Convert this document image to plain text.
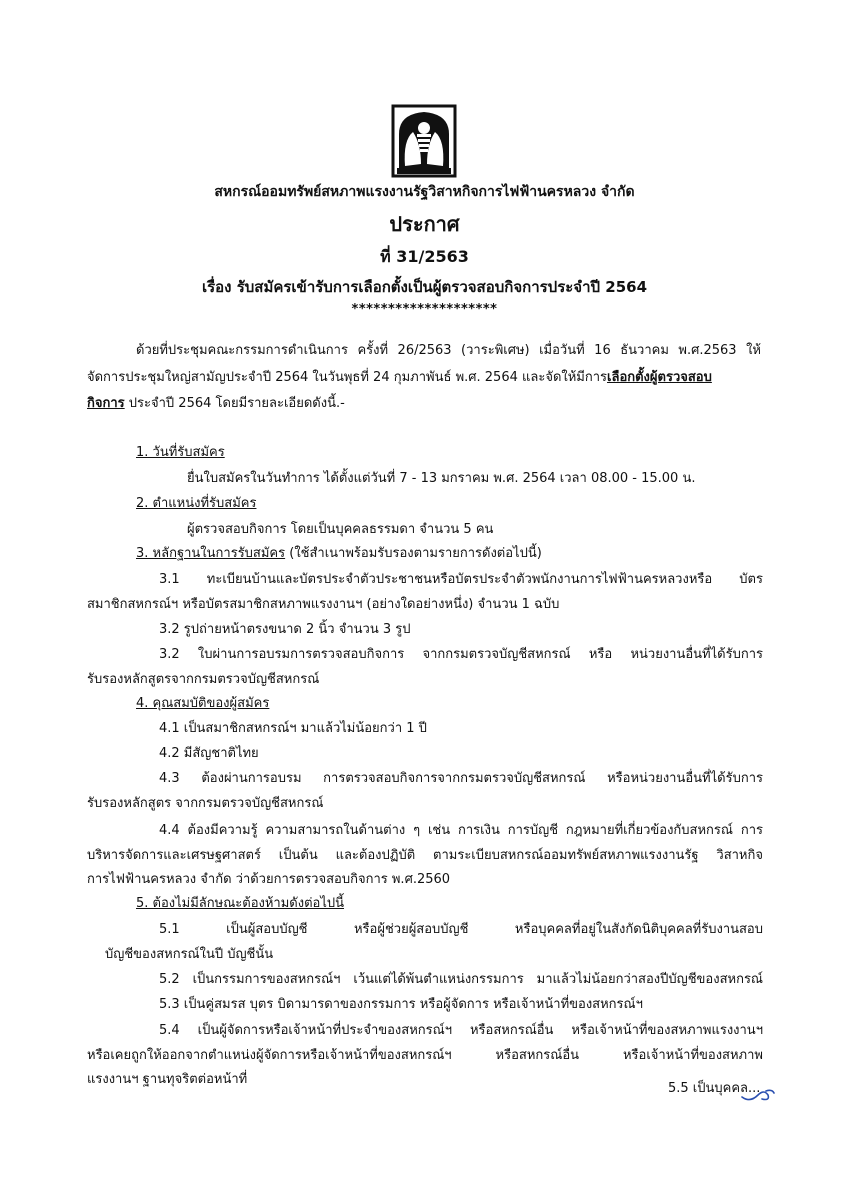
สหกรณ์ออมทรัพย์สหภาพแรงงานรัฐวิสาหกิจการไฟฟ้านครหลวง จำกัด
ประกาศ
ที่ 31/2563
เรื่อง รับสมัครเข้ารับการเลือกตั้งเป็นผู้ตรวจสอบกิจการประจำปี 2564
********************
ด้วยที่ประชุมคณะกรรมการดำเนินการ ครั้งที่ 26/2563 (วาระพิเศษ) เมื่อวันที่ 16 ธันวาคม พ.ศ.2563 ให้
จัดการประชุมใหญ่สามัญประจำปี 2564 ในวันพุธที่ 24 กุมภาพันธ์ พ.ศ. 2564 และจัดให้มีการเลือกตั้งผู้ตรวจสอบ
กิจการ ประจำปี 2564 โดยมีรายละเอียดดังนี้.-
1. วันที่รับสมัคร
ยื่นใบสมัครในวันทำการ ได้ตั้งแต่วันที่ 7 - 13 มกราคม พ.ศ. 2564 เวลา 08.00 - 15.00 น.
2. ตำแหน่งที่รับสมัคร
ผู้ตรวจสอบกิจการ โดยเป็นบุคคลธรรมดา จำนวน 5 คน
3. หลักฐานในการรับสมัคร (ใช้สำเนาพร้อมรับรองตามรายการดังต่อไปนี้)
3.1 ทะเบียนบ้านและบัตรประจำตัวประชาชนหรือบัตรประจำตัวพนักงานการไฟฟ้านครหลวงหรือ บัตร
สมาชิกสหกรณ์ฯ หรือบัตรสมาชิกสหภาพแรงงานฯ (อย่างใดอย่างหนึ่ง) จำนวน 1 ฉบับ
3.2 รูปถ่ายหน้าตรงขนาด 2 นิ้ว จำนวน 3 รูป
3.2 ใบผ่านการอบรมการตรวจสอบกิจการ จากกรมตรวจบัญชีสหกรณ์ หรือ หน่วยงานอื่นที่ได้รับการ
รับรองหลักสูตรจากกรมตรวจบัญชีสหกรณ์
4. คุณสมบัติของผู้สมัคร
4.1 เป็นสมาชิกสหกรณ์ฯ มาแล้วไม่น้อยกว่า 1 ปี
4.2 มีสัญชาติไทย
4.3 ต้องผ่านการอบรม การตรวจสอบกิจการจากกรมตรวจบัญชีสหกรณ์ หรือหน่วยงานอื่นที่ได้รับการ
รับรองหลักสูตร จากกรมตรวจบัญชีสหกรณ์
4.4 ต้องมีความรู้ ความสามารถในด้านต่าง ๆ เช่น การเงิน การบัญชี กฎหมายที่เกี่ยวข้องกับสหกรณ์ การ
บริหารจัดการและเศรษฐศาสตร์ เป็นต้น และต้องปฏิบัติ ตามระเบียบสหกรณ์ออมทรัพย์สหภาพแรงงานรัฐ วิสาหกิจ
การไฟฟ้านครหลวง จำกัด ว่าด้วยการตรวจสอบกิจการ พ.ศ.2560
5. ต้องไม่มีลักษณะต้องห้ามดังต่อไปนี้
5.1 เป็นผู้สอบบัญชี หรือผู้ช่วยผู้สอบบัญชี หรือบุคคลที่อยู่ในสังกัดนิติบุคคลที่รับงานสอบ
บัญชีของสหกรณ์ในปี บัญชีนั้น
5.2 เป็นกรรมการของสหกรณ์ฯ เว้นแต่ได้พ้นตำแหน่งกรรมการ มาแล้วไม่น้อยกว่าสองปีบัญชีของสหกรณ์
5.3 เป็นคู่สมรส บุตร บิดามารดาของกรรมการ หรือผู้จัดการ หรือเจ้าหน้าที่ของสหกรณ์ฯ
5.4 เป็นผู้จัดการหรือเจ้าหน้าที่ประจำของสหกรณ์ฯ หรือสหกรณ์อื่น หรือเจ้าหน้าที่ของสหภาพแรงงานฯ
หรือเคยถูกให้ออกจากตำแหน่งผู้จัดการหรือเจ้าหน้าที่ของสหกรณ์ฯ หรือสหกรณ์อื่น หรือเจ้าหน้าที่ของสหภาพ
แรงงานฯ ฐานทุจริตต่อหน้าที่
5.5 เป็นบุคคล...
